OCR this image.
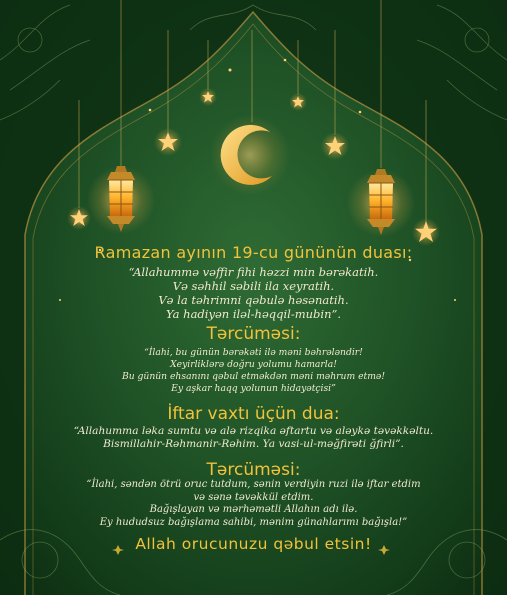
Ramazan ayının 19-cu gününün duası:
“Allahummə vəffir fihi həzzi min bərəkatih.
Və səhhil səbili ila xeyratih.
Və la təhrimni qəbulə həsənatih.
Ya hadiyən iləl-həqqil-mubin”.
Tərcüməsi:
“İlahi, bu günün bərəkəti ilə məni bəhrələndir!
Xeyirliklərə doğru yolumu hamarla!
Bu günün ehsanını qəbul etməkdən məni məhrum etmə!
Ey aşkar haqq yolunun hidayətçisi”
İftar vaxtı üçün dua:
“Allahumma ləka sumtu və alə rizqika əftartu və aləykə təvəkkəltu.
Bismillahir-Rəhmanir-Rəhim. Ya vasi-ul-məğfirəti ğfirli”.
Tərcüməsi:
“İlahi, səndən ötrü oruc tutdum, sənin verdiyin ruzi ilə iftar etdim
və sənə təvəkkül etdim.
Bağışlayan və mərhəmətli Allahın adı ilə.
Ey hududsuz bağışlama sahibi, mənim günahlarımı bağışla!”
Allah orucunuzu qəbul etsin!
